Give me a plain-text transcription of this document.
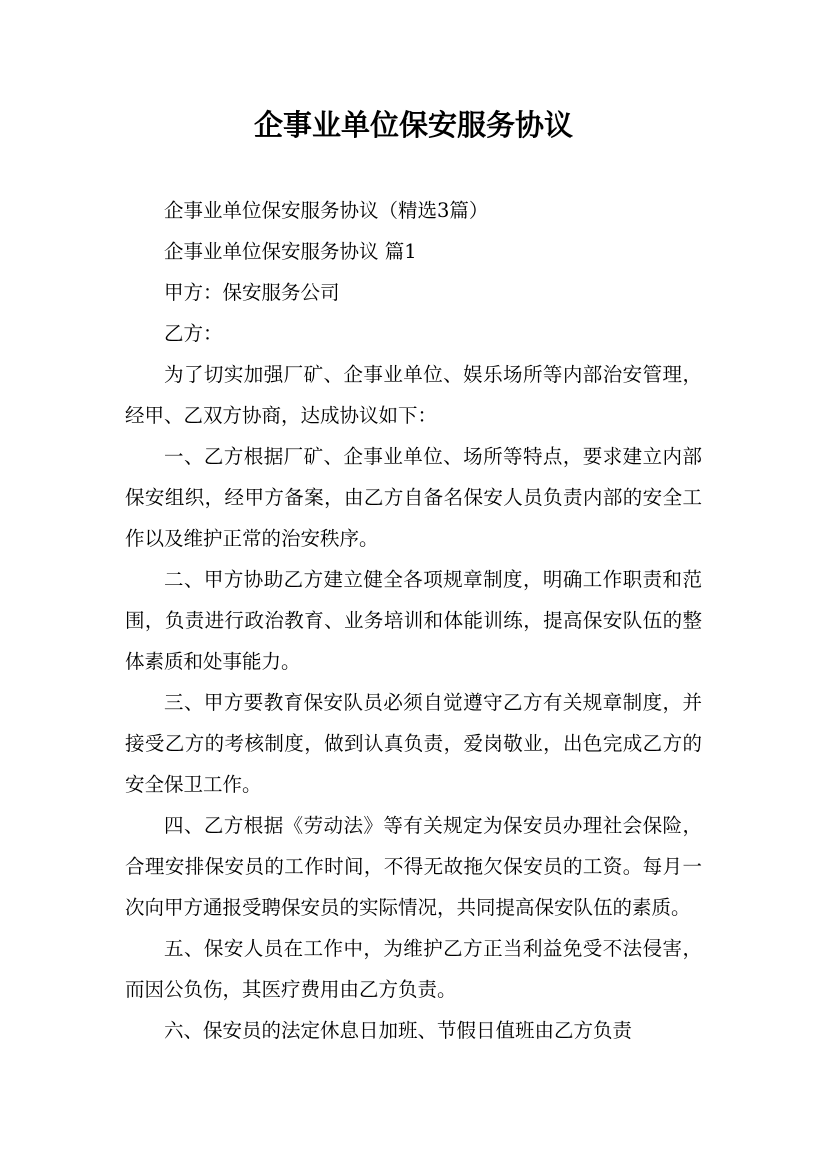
企事业单位保安服务协议

企事业单位保安服务协议（精选3篇）

企事业单位保安服务协议 篇1

甲方：保安服务公司

乙方：

为了切实加强厂矿、企事业单位、娱乐场所等内部治安管理，经甲、乙双方协商，达成协议如下：

一、乙方根据厂矿、企事业单位、场所等特点，要求建立内部保安组织，经甲方备案，由乙方自备名保安人员负责内部的安全工作以及维护正常的治安秩序。

二、甲方协助乙方建立健全各项规章制度，明确工作职责和范围，负责进行政治教育、业务培训和体能训练，提高保安队伍的整体素质和处事能力。

三、甲方要教育保安队员必须自觉遵守乙方有关规章制度，并接受乙方的考核制度，做到认真负责，爱岗敬业，出色完成乙方的安全保卫工作。

四、乙方根据《劳动法》等有关规定为保安员办理社会保险，合理安排保安员的工作时间，不得无故拖欠保安员的工资。每月一次向甲方通报受聘保安员的实际情况，共同提高保安队伍的素质。

五、保安人员在工作中，为维护乙方正当利益免受不法侵害，而因公负伤，其医疗费用由乙方负责。

六、保安员的法定休息日加班、节假日值班由乙方负责
